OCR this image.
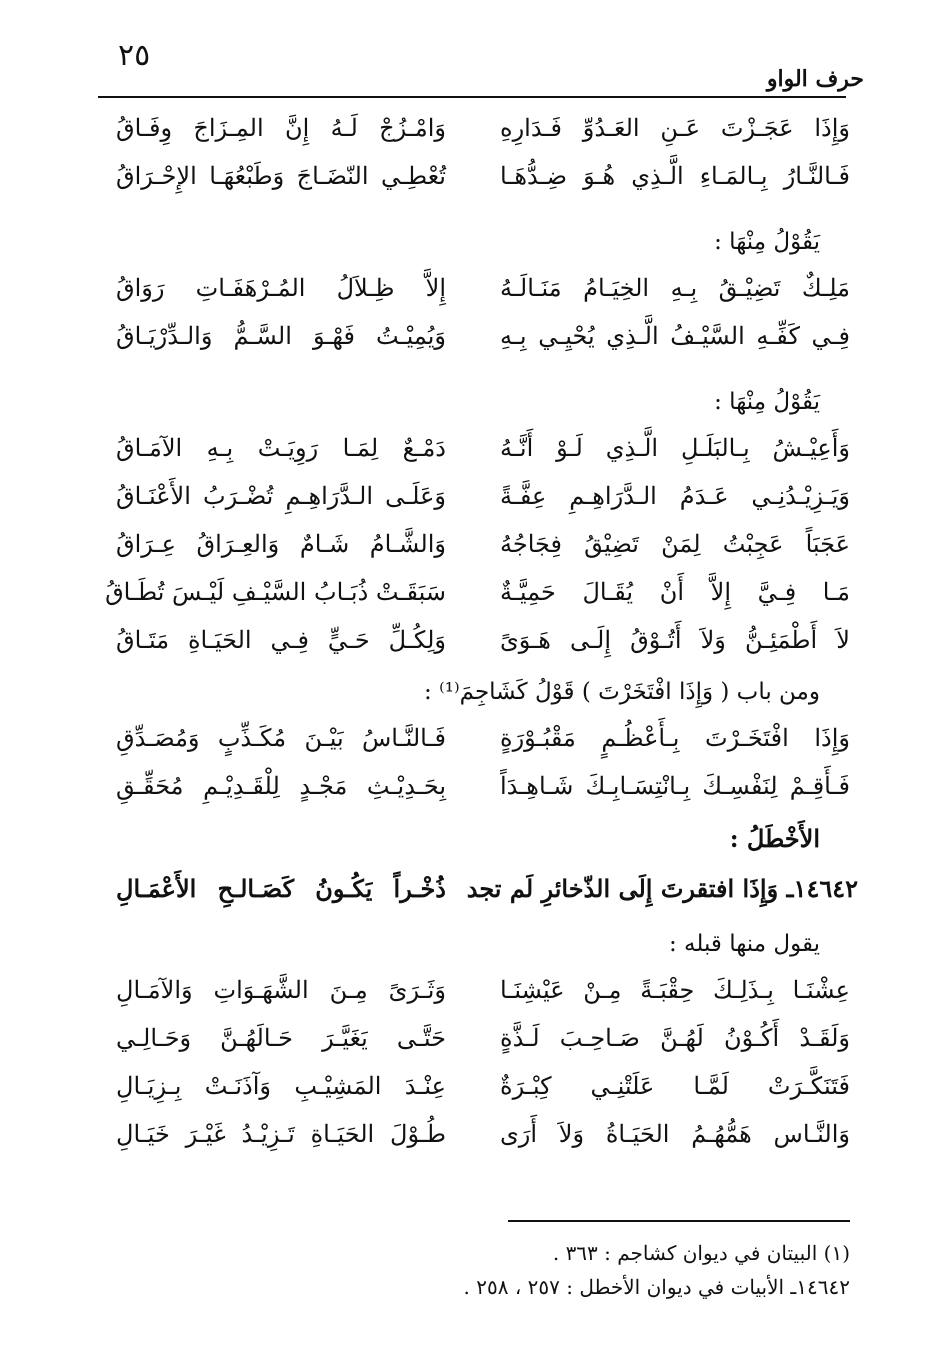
٢٥
حرف الواو
وَإِذَا عَجَـزْتَ عَـنِ العَـدُوِّ فَـدَارِهِ
وَامْـزُجْ لَـهُ إِنَّ المِـزَاجَ وِفَـاقُ
فَـالنَّـارُ بِـالمَـاءِ الَّـذِي هُـوَ ضِـدُّهَـا
تُعْطِـي النّضَـاجَ وَطَبْعُهَـا الإِحْـرَاقُ
يَقُوْلُ مِنْهَا :
مَلِـكٌ تَضِيْـقُ بِـهِ الخِيَـامُ مَنَـالَـهُ
إِلاَّ ظِـلاَلُ المُـرْهَفَـاتِ رَوَاقُ
فِـي كَفِّـهِ السَّيْـفُ الَّـذِي يُحْيِـي بِـهِ
وَيُمِيْـتُ فَهْـوَ السَّـمُّ وَالـدِّرْيَـاقُ
يَقُوْلُ مِنْهَا :
وَأَعِيْـشُ بِـالبَلَـلِ الَّـذِي لَـوْ أَنَّـهُ
دَمْـعٌ لِمَـا رَوِيَـتْ بِـهِ الآمَـاقُ
وَيَـزِيْـدُنِـي عَـدَمُ الـدَّرَاهِـمِ عِفَّـةً
وَعَلَـى الـدَّرَاهِـمِ تُضْـرَبُ الأَعْنَـاقُ
عَجَبَاً عَجِبْتُ لِمَنْ تَضِيْقُ فِجَاجُهُ
وَالشَّـامُ شَـامٌ وَالعِـرَاقُ عِـرَاقُ
مَـا فِـيَّ إِلاَّ أَنْ يُقَـالَ حَمِيَّـةٌ
سَبَقَـتْ ذُبَـابُ السَّيْـفِ لَيْـسَ تُطَـاقُ
لاَ أَطْمَئِـنُّ وَلاَ أَتُـوْقُ إِلَـى هَـوَىً
وَلِكُـلِّ حَـيٍّ فِـي الحَيَـاةِ مَتَـاقُ
ومن باب ( وَإِذَا افْتَخَرْتَ ) قَوْلُ كَشَاجِمَ⁽¹⁾ :
وَإِذَا افْتَخَـرْتَ بِـأَعْظُـمٍ مَقْبُـوْرَةٍ
فَـالنَّـاسُ بَيْـنَ مُكَـذِّبٍ وَمُصَـدِّقِ
فَـأَقِـمْ لِنَفْسِـكَ بِـانْتِسَـابِـكَ شَـاهِـدَاً
بِحَـدِيْـثِ مَجْـدٍ لِلْقَـدِيْـمِ مُحَقِّـقِ
الأَخْطَلُ :
١٤٦٤٢ـ وَإِذَا افتقرتَ إِلَى الذّخائرِ لَم تجد
ذُخْـراً يَكُـونُ كَصَـالـحِ الأَعْمَـالِ
يقول منها قبله :
عِشْنَـا بِـذَلِـكَ حِقْبَـةً مِـنْ عَيْشِنَـا
وَثَـرَىً مِـنَ الشَّهَـوَاتِ وَالآمَـالِ
وَلَقَـدْ أَكُـوْنُ لَهُـنَّ صَـاحِـبَ لَـذَّةٍ
حَتَّـى يَغَيَّـرَ حَـالَهُـنَّ وَحَـالِـي
فَتَنَكَّـرَتْ لَمَّـا عَلَتْنِـي كِبْـرَةٌ
عِنْـدَ المَشِيْـبِ وَآذَنَـتْ بِـزِيَـالِ
وَالنَّـاس هَمُّهُـمُ الحَيَـاةُ وَلاَ أَرَى
طُـوْلَ الحَيَـاةِ تَـزِيْـدُ غَيْـرَ خَيَـالِ
(١) البيتان في ديوان كشاجم : ٣٦٣ .
١٤٦٤٢ـ الأبيات في ديوان الأخطل : ٢٥٧ ، ٢٥٨ .
